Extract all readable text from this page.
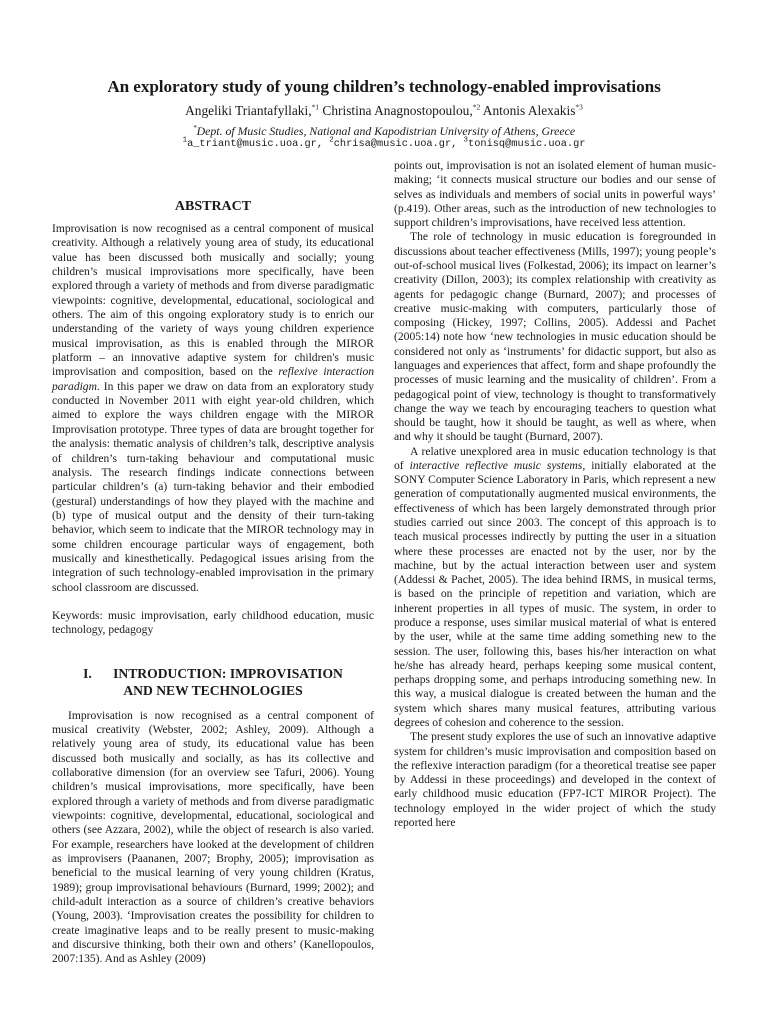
An exploratory study of young children’s technology-enabled improvisations

Angeliki Triantafyllaki,$^{*1}$ Christina Anagnostopoulou,$^{*2}$ Antonis Alexakis$^{*3}$

*Dept. of Music Studies, National and Kapodistrian University of Athens, Greece

$^1$a_triant@music.uoa.gr, $^2$chrisa@music.uoa.gr, $^3$tonisq@music.uoa.gr

ABSTRACT

Improvisation is now recognised as a central component of musical creativity. Although a relatively young area of study, its educational value has been discussed both musically and socially; young children’s musical improvisations more specifically, have been explored through a variety of methods and from diverse paradigmatic viewpoints: cognitive, developmental, educational, sociological and others. The aim of this ongoing exploratory study is to enrich our understanding of the variety of ways young children experience musical improvisation, as this is enabled through the MIROR platform – an innovative adaptive system for children's music improvisation and composition, based on the reflexive interaction paradigm. In this paper we draw on data from an exploratory study conducted in November 2011 with eight year-old children, which aimed to explore the ways children engage with the MIROR Improvisation prototype. Three types of data are brought together for the analysis: thematic analysis of children’s talk, descriptive analysis of children’s turn-taking behaviour and computational music analysis. The research findings indicate connections between particular children’s (a) turn-taking behavior and their embodied (gestural) understandings of how they played with the machine and (b) type of musical output and the density of their turn-taking behavior, which seem to indicate that the MIROR technology may in some children encourage particular ways of engagement, both musically and kinesthetically. Pedagogical issues arising from the integration of such technology-enabled improvisation in the primary school classroom are discussed.

Keywords: music improvisation, early childhood education, music technology, pedagogy

I. INTRODUCTION: IMPROVISATION
AND NEW TECHNOLOGIES

Improvisation is now recognised as a central component of musical creativity (Webster, 2002; Ashley, 2009). Although a relatively young area of study, its educational value has been discussed both musically and socially, as has its collective and collaborative dimension (for an overview see Tafuri, 2006). Young children’s musical improvisations, more specifically, have been explored through a variety of methods and from diverse paradigmatic viewpoints: cognitive, developmental, educational, sociological and others (see Azzara, 2002), while the object of research is also varied. For example, researchers have looked at the development of children as improvisers (Paananen, 2007; Brophy, 2005); improvisation as beneficial to the musical learning of very young children (Kratus, 1989); group improvisational behaviours (Burnard, 1999; 2002); and child-adult interaction as a source of children’s creative behaviors (Young, 2003). ‘Improvisation creates the possibility for children to create imaginative leaps and to be really present to music-making and discursive thinking, both their own and others’ (Kanellopoulos, 2007:135). And as Ashley (2009)

points out, improvisation is not an isolated element of human music-making; ‘it connects musical structure our bodies and our sense of selves as individuals and members of social units in powerful ways’ (p.419). Other areas, such as the introduction of new technologies to support children’s improvisations, have received less attention.

The role of technology in music education is foregrounded in discussions about teacher effectiveness (Mills, 1997); young people’s out-of-school musical lives (Folkestad, 2006); its impact on learner’s creativity (Dillon, 2003); its complex relationship with creativity as agents for pedagogic change (Burnard, 2007); and processes of creative music-making with computers, particularly those of composing (Hickey, 1997; Collins, 2005). Addessi and Pachet (2005:14) note how ‘new technologies in music education should be considered not only as ‘instruments’ for didactic support, but also as languages and experiences that affect, form and shape profoundly the processes of music learning and the musicality of children’. From a pedagogical point of view, technology is thought to transformatively change the way we teach by encouraging teachers to question what should be taught, how it should be taught, as well as where, when and why it should be taught (Burnard, 2007).

A relative unexplored area in music education technology is that of interactive reflective music systems, initially elaborated at the SONY Computer Science Laboratory in Paris, which represent a new generation of computationally augmented musical environments, the effectiveness of which has been largely demonstrated through prior studies carried out since 2003. The concept of this approach is to teach musical processes indirectly by putting the user in a situation where these processes are enacted not by the user, nor by the machine, but by the actual interaction between user and system (Addessi & Pachet, 2005). The idea behind IRMS, in musical terms, is based on the principle of repetition and variation, which are inherent properties in all types of music. The system, in order to produce a response, uses similar musical material of what is entered by the user, while at the same time adding something new to the session. The user, following this, bases his/her interaction on what he/she has already heard, perhaps keeping some musical content, perhaps dropping some, and perhaps introducing something new. In this way, a musical dialogue is created between the human and the system which shares many musical features, attributing various degrees of cohesion and coherence to the session.

The present study explores the use of such an innovative adaptive system for children’s music improvisation and composition based on the reflexive interaction paradigm (for a theoretical treatise see paper by Addessi in these proceedings) and developed in the context of early childhood music education (FP7-ICT MIROR Project). The technology employed in the wider project of which the study reported here
